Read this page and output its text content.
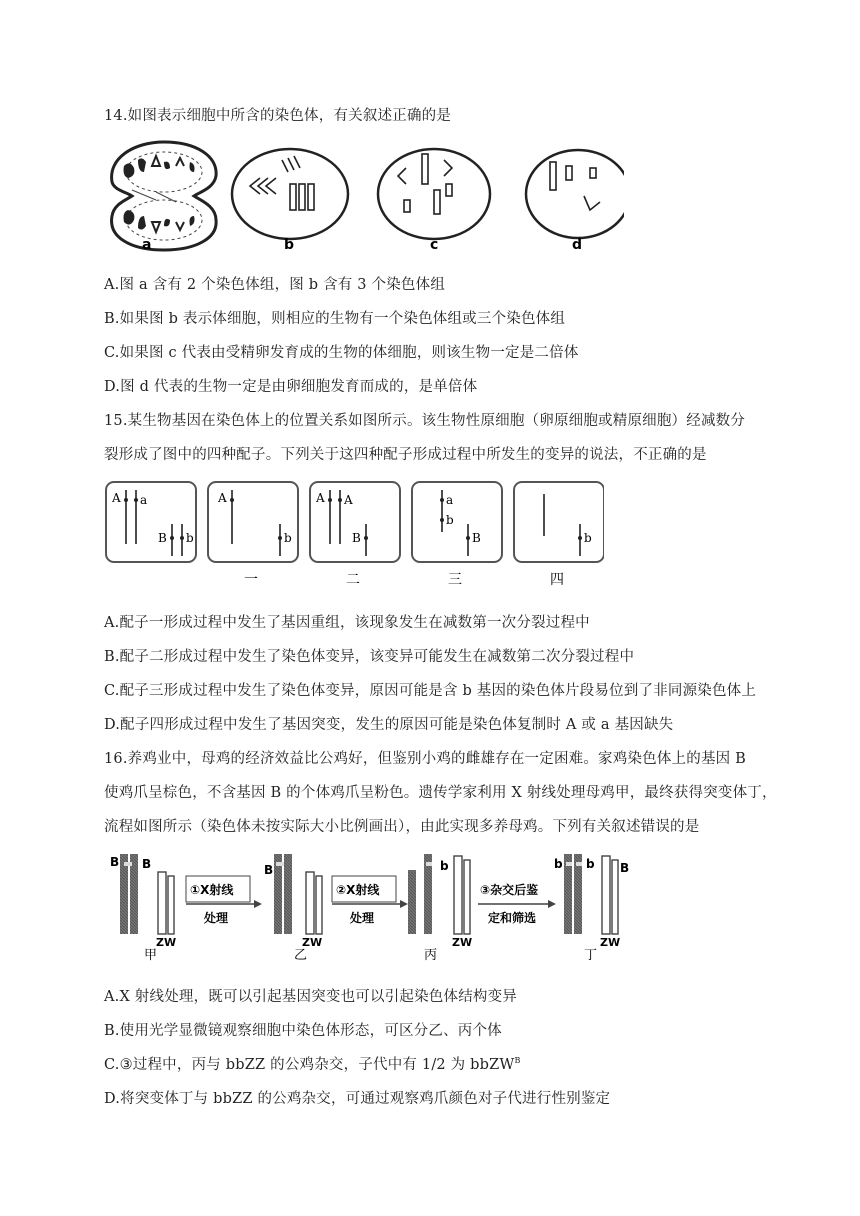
14.如图表示细胞中所含的染色体，有关叙述正确的是
a	b	c	d
A.图 a 含有 2 个染色体组，图 b 含有 3 个染色体组
B.如果图 b 表示体细胞，则相应的生物有一个染色体组或三个染色体组
C.如果图 c 代表由受精卵发育成的生物的体细胞，则该生物一定是二倍体
D.图 d 代表的生物一定是由卵细胞发育而成的，是单倍体
15.某生物基因在染色体上的位置关系如图所示。该生物性原细胞（卵原细胞或精原细胞）经减数分
裂形成了图中的四种配子。下列关于这四种配子形成过程中所发生的变异的说法，不正确的是
A a
B b
A
b
A A
B
a
b
B	b
一	二	三	四
A.配子一形成过程中发生了基因重组，该现象发生在减数第一次分裂过程中
B.配子二形成过程中发生了染色体变异，该变异可能发生在减数第二次分裂过程中
C.配子三形成过程中发生了染色体变异，原因可能是含 b 基因的染色体片段易位到了非同源染色体上
D.配子四形成过程中发生了基因突变，发生的原因可能是染色体复制时 A 或 a 基因缺失
16.养鸡业中，母鸡的经济效益比公鸡好，但鉴别小鸡的雌雄存在一定困难。家鸡染色体上的基因 B
使鸡爪呈棕色，不含基因 B 的个体鸡爪呈粉色。遗传学家利用 X 射线处理母鸡甲，最终获得突变体丁，
流程如图所示（染色体未按实际大小比例画出），由此实现多养母鸡。下列有关叙述错误的是
B B
ZW
甲
①X射线
处理
B
ZW
乙
②X射线
处理
b
ZW
丙
③杂交后鉴
定和筛选
b b B
ZW
丁
A.X 射线处理，既可以引起基因突变也可以引起染色体结构变异
B.使用光学显微镜观察细胞中染色体形态，可区分乙、丙个体
C.③过程中，丙与 bbZZ 的公鸡杂交，子代中有 1/2 为 bbZW$^B$
D.将突变体丁与 bbZZ 的公鸡杂交，可通过观察鸡爪颜色对子代进行性别鉴定
